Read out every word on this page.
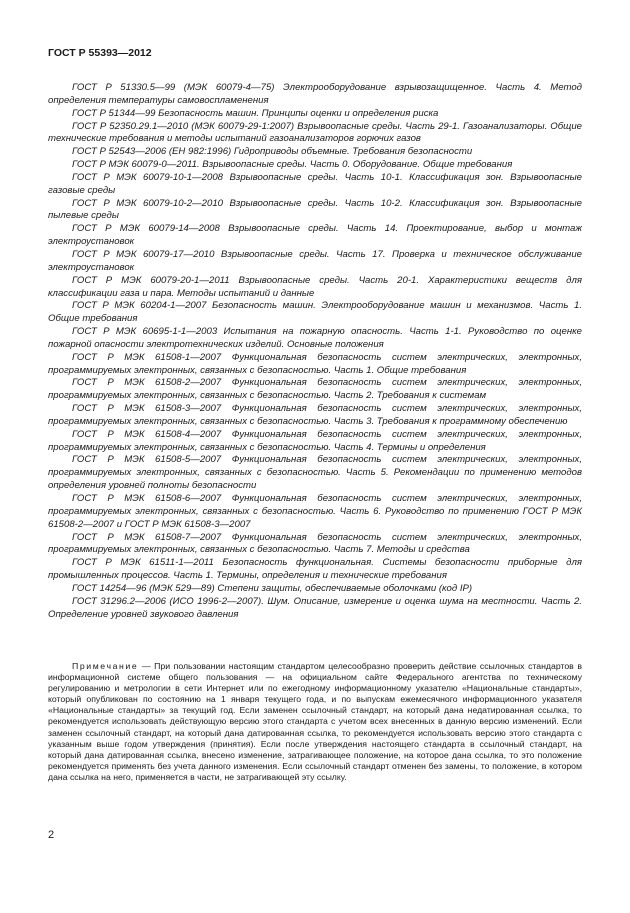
ГОСТ Р 55393—2012

ГОСТ Р 51330.5—99 (МЭК 60079-4—75) Электрооборудование взрывозащищенное. Часть 4. Метод определения температуры самовоспламенения

ГОСТ Р 51344—99 Безопасность машин. Принципы оценки и определения риска

ГОСТ Р 52350.29.1—2010 (МЭК 60079-29-1:2007) Взрывоопасные среды. Часть 29-1. Газоанализаторы. Общие технические требования и методы испытаний газоанализаторов горючих газов

ГОСТ Р 52543—2006 (ЕН 982:1996) Гидроприводы объемные. Требования безопасности

ГОСТ Р МЭК 60079-0—2011. Взрывоопасные среды. Часть 0. Оборудование. Общие требования

ГОСТ Р МЭК 60079-10-1—2008 Взрывоопасные среды. Часть 10-1. Классификация зон. Взрывоопасные газовые среды

ГОСТ Р МЭК 60079-10-2—2010 Взрывоопасные среды. Часть 10-2. Классификация зон. Взрывоопасные пылевые среды

ГОСТ Р МЭК 60079-14—2008 Взрывоопасные среды. Часть 14. Проектирование, выбор и монтаж электроустановок

ГОСТ Р МЭК 60079-17—2010 Взрывоопасные среды. Часть 17. Проверка и техническое обслуживание электроустановок

ГОСТ Р МЭК 60079-20-1—2011 Взрывоопасные среды. Часть 20-1. Характеристики веществ для классификации газа и пара. Методы испытаний и данные

ГОСТ Р МЭК 60204-1—2007 Безопасность машин. Электрооборудование машин и механизмов. Часть 1. Общие требования

ГОСТ Р МЭК 60695-1-1—2003 Испытания на пожарную опасность. Часть 1-1. Руководство по оценке пожарной опасности электротехнических изделий. Основные положения

ГОСТ Р МЭК 61508-1—2007 Функциональная безопасность систем электрических, электронных, программируемых электронных, связанных с безопасностью. Часть 1. Общие требования

ГОСТ Р МЭК 61508-2—2007 Функциональная безопасность систем электрических, электронных, программируемых электронных, связанных с безопасностью. Часть 2. Требования к системам

ГОСТ Р МЭК 61508-3—2007 Функциональная безопасность систем электрических, электронных, программируемых электронных, связанных с безопасностью. Часть 3. Требования к программному обеспечению

ГОСТ Р МЭК 61508-4—2007 Функциональная безопасность систем электрических, электронных, программируемых электронных, связанных с безопасностью. Часть 4. Термины и определения

ГОСТ Р МЭК 61508-5—2007 Функциональная безопасность систем электрических, электронных, программируемых электронных, связанных с безопасностью. Часть 5. Рекомендации по применению методов определения уровней полноты безопасности

ГОСТ Р МЭК 61508-6—2007 Функциональная безопасность систем электрических, электронных, программируемых электронных, связанных с безопасностью. Часть 6. Руководство по применению ГОСТ Р МЭК 61508-2—2007 и ГОСТ Р МЭК 61508-3—2007

ГОСТ Р МЭК 61508-7—2007 Функциональная безопасность систем электрических, электронных, программируемых электронных, связанных с безопасностью. Часть 7. Методы и средства

ГОСТ Р МЭК 61511-1—2011 Безопасность функциональная. Системы безопасности приборные для промышленных процессов. Часть 1. Термины, определения и технические требования

ГОСТ 14254—96 (МЭК 529—89) Степени защиты, обеспечиваемые оболочками (код IP)

ГОСТ 31296.2—2006 (ИСО 1996-2—2007). Шум. Описание, измерение и оценка шума на местности. Часть 2. Определение уровней звукового давления

Примечание — При пользовании настоящим стандартом целесообразно проверить действие ссылочных стандартов в информационной системе общего пользования — на официальном сайте Федерального агентства по техническому регулированию и метрологии в сети Интернет или по ежегодному информационному указателю «Национальные стандарты», который опубликован по состоянию на 1 января текущего года, и по выпускам ежемесячного информационного указателя «Национальные стандарты» за текущий год. Если заменен ссылочный стандарт, на который дана недатированная ссылка, то рекомендуется использовать действующую версию этого стандарта с учетом всех внесенных в данную версию изменений. Если заменен ссылочный стандарт, на который дана датированная ссылка, то рекомендуется использовать версию этого стандарта с указанным выше годом утверждения (принятия). Если после утверждения настоящего стандарта в ссылочный стандарт, на который дана датированная ссылка, внесено изменение, затрагивающее положение, на которое дана ссылка, то это положение рекомендуется применять без учета данного изменения. Если ссылочный стандарт отменен без замены, то положение, в котором дана ссылка на него, применяется в части, не затрагивающей эту ссылку.

2
